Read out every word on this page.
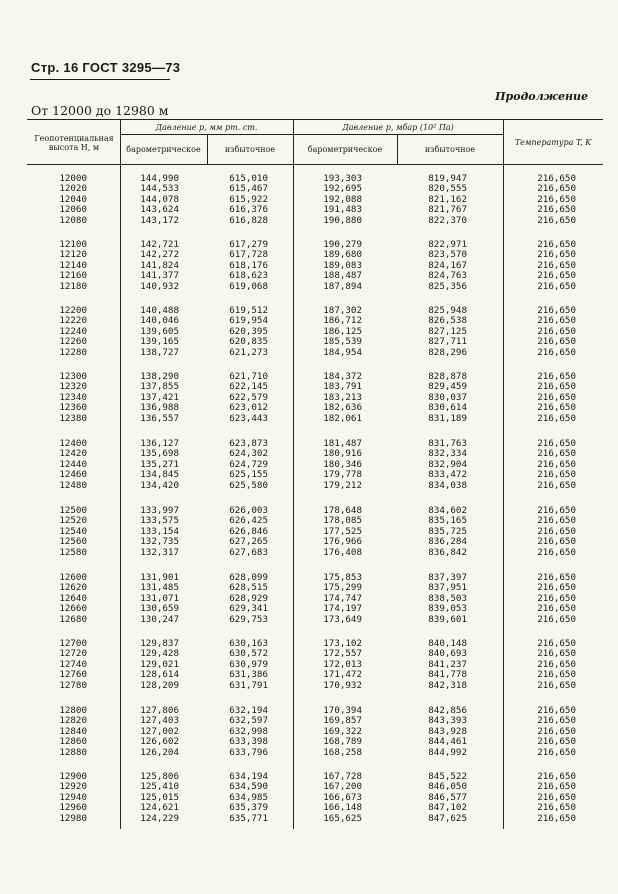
Стр. 16 ГОСТ 3295—73
Продолжение
От 12000 до 12980 м
Геопотенциальная высота H, м
Давление p, мм рт. ст.	Давление p, мбар (10² Па)
барометрическое	избыточное	барометрическое	избыточное
Температура T, K
12000	144,990	615,010	193,303	819,947	216,650
12020	144,533	615,467	192,695	820,555	216,650
12040	144,078	615,922	192,088	821,162	216,650
12060	143,624	616,376	191,483	821,767	216,650
12080	143,172	616,828	190,880	822,370	216,650
12100	142,721	617,279	190,279	822,971	216,650
12120	142,272	617,728	189,680	823,570	216,650
12140	141,824	618,176	189,083	824,167	216,650
12160	141,377	618,623	188,487	824,763	216,650
12180	140,932	619,068	187,894	825,356	216,650
12200	140,488	619,512	187,302	825,948	216,650
12220	140,046	619,954	186,712	826,538	216,650
12240	139,605	620,395	186,125	827,125	216,650
12260	139,165	620,835	185,539	827,711	216,650
12280	138,727	621,273	184,954	828,296	216,650
12300	138,290	621,710	184,372	828,878	216,650
12320	137,855	622,145	183,791	829,459	216,650
12340	137,421	622,579	183,213	830,037	216,650
12360	136,988	623,012	182,636	830,614	216,650
12380	136,557	623,443	182,061	831,189	216,650
12400	136,127	623,873	181,487	831,763	216,650
12420	135,698	624,302	180,916	832,334	216,650
12440	135,271	624,729	180,346	832,904	216,650
12460	134,845	625,155	179,778	833,472	216,650
12480	134,420	625,580	179,212	834,038	216,650
12500	133,997	626,003	178,648	834,602	216,650
12520	133,575	626,425	178,085	835,165	216,650
12540	133,154	626,846	177,525	835,725	216,650
12560	132,735	627,265	176,966	836,284	216,650
12580	132,317	627,683	176,408	836,842	216,650
12600	131,901	628,099	175,853	837,397	216,650
12620	131,485	628,515	175,299	837,951	216,650
12640	131,071	628,929	174,747	838,503	216,650
12660	130,659	629,341	174,197	839,053	216,650
12680	130,247	629,753	173,649	839,601	216,650
12700	129,837	630,163	173,102	840,148	216,650
12720	129,428	630,572	172,557	840,693	216,650
12740	129,021	630,979	172,013	841,237	216,650
12760	128,614	631,386	171,472	841,778	216,650
12780	128,209	631,791	170,932	842,318	216,650
12800	127,806	632,194	170,394	842,856	216,650
12820	127,403	632,597	169,857	843,393	216,650
12840	127,002	632,998	169,322	843,928	216,650
12860	126,602	633,398	168,789	844,461	216,650
12880	126,204	633,796	168,258	844,992	216,650
12900	125,806	634,194	167,728	845,522	216,650
12920	125,410	634,590	167,200	846,050	216,650
12940	125,015	634,985	166,673	846,577	216,650
12960	124,621	635,379	166,148	847,102	216,650
12980	124,229	635,771	165,625	847,625	216,650
